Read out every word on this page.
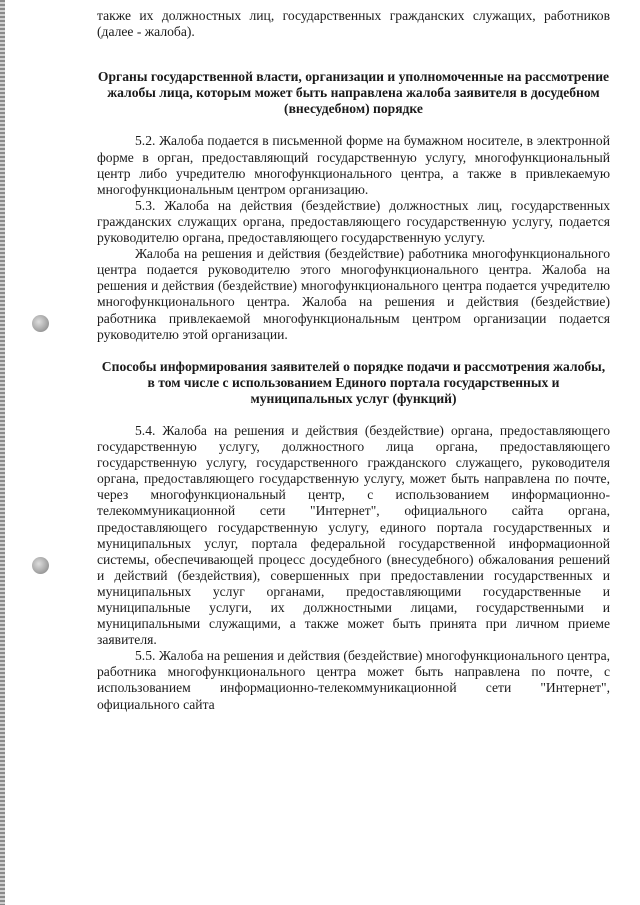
также их должностных лиц, государственных гражданских служащих, работников (далее - жалоба).

Органы государственной власти, организации и уполномоченные на рассмотрение жалобы лица, которым может быть направлена жалоба заявителя в досудебном (внесудебном) порядке

5.2. Жалоба подается в письменной форме на бумажном носителе, в электронной форме в орган, предоставляющий государственную услугу, многофункциональный центр либо учредителю многофункционального центра, а также в привлекаемую многофункциональным центром организацию.

5.3. Жалоба на действия (бездействие) должностных лиц, государственных гражданских служащих органа, предоставляющего государственную услугу, подается руководителю органа, предоставляющего государственную услугу.

Жалоба на решения и действия (бездействие) работника многофункционального центра подается руководителю этого многофункционального центра. Жалоба на решения и действия (бездействие) многофункционального центра подается учредителю многофункционального центра. Жалоба на решения и действия (бездействие) работника привлекаемой многофункциональным центром организации подается руководителю этой организации.

Способы информирования заявителей о порядке подачи и рассмотрения жалобы, в том числе с использованием Единого портала государственных и муниципальных услуг (функций)

5.4. Жалоба на решения и действия (бездействие) органа, предоставляющего государственную услугу, должностного лица органа, предоставляющего государственную услугу, государственного гражданского служащего, руководителя органа, предоставляющего государственную услугу, может быть направлена по почте, через многофункциональный центр, с использованием информационно-телекоммуникационной сети "Интернет", официального сайта органа, предоставляющего государственную услугу, единого портала государственных и муниципальных услуг, портала федеральной государственной информационной системы, обеспечивающей процесс досудебного (внесудебного) обжалования решений и действий (бездействия), совершенных при предоставлении государственных и муниципальных услуг органами, предоставляющими государственные и муниципальные услуги, их должностными лицами, государственными и муниципальными служащими, а также может быть принята при личном приеме заявителя.

5.5. Жалоба на решения и действия (бездействие) многофункционального центра, работника многофункционального центра может быть направлена по почте, с использованием информационно-телекоммуникационной сети "Интернет", официального сайта
